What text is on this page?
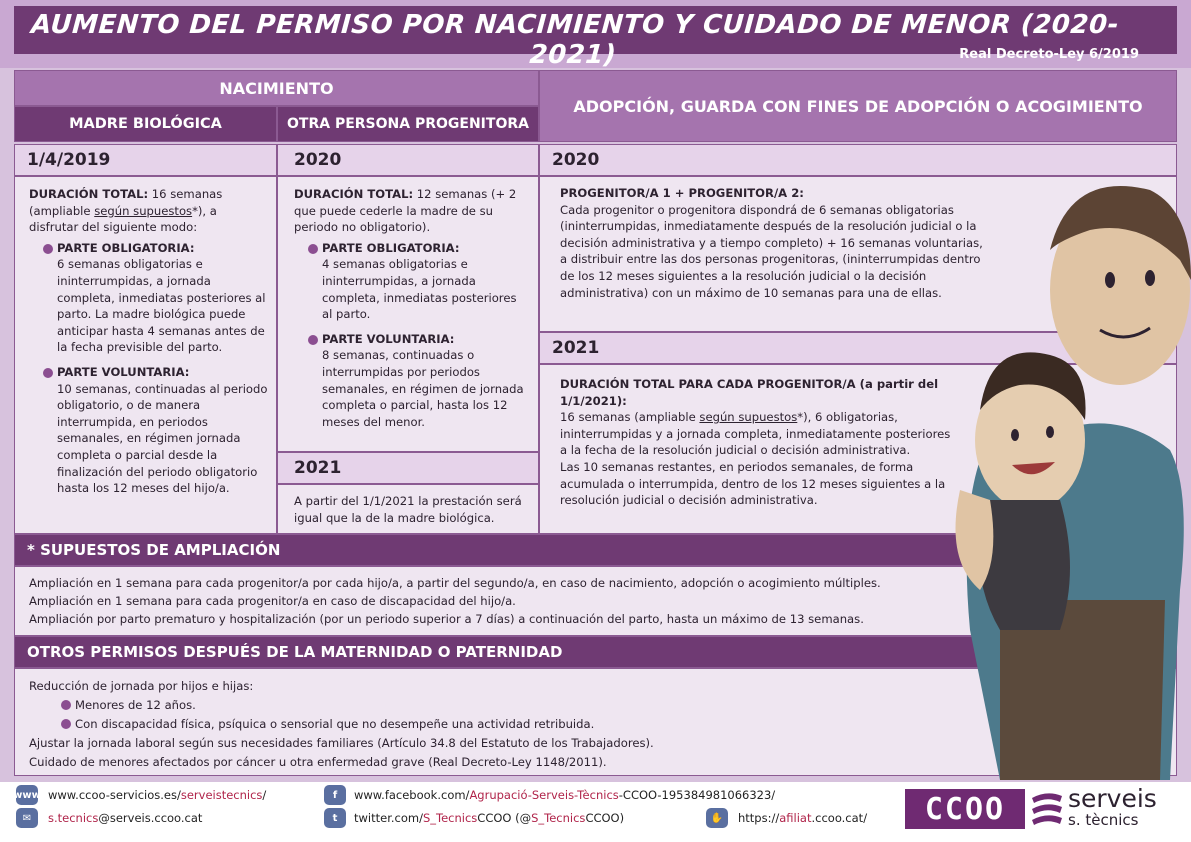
AUMENTO DEL PERMISO POR NACIMIENTO Y CUIDADO DE MENOR (2020-2021)	Real Decreto-Ley 6/2019
NACIMIENTO
MADRE BIOLÓGICA	OTRA PERSONA PROGENITORA
ADOPCIÓN, GUARDA CON FINES DE ADOPCIÓN O ACOGIMIENTO
1/4/2019
DURACIÓN TOTAL: 16 semanas (ampliable según supuestos*), a disfrutar del siguiente modo:
PARTE OBLIGATORIA:
6 semanas obligatorias e ininterrumpidas, a jornada completa, inmediatas posteriores al parto. La madre biológica puede anticipar hasta 4 semanas antes de la fecha previsible del parto.
PARTE VOLUNTARIA:
10 semanas, continuadas al periodo obligatorio, o de manera interrumpida, en periodos semanales, en régimen jornada completa o parcial desde la finalización del periodo obligatorio hasta los 12 meses del hijo/a.
2020
DURACIÓN TOTAL: 12 semanas (+ 2 que puede cederle la madre de su periodo no obligatorio).
PARTE OBLIGATORIA:
4 semanas obligatorias e ininterrumpidas, a jornada completa, inmediatas posteriores al parto.
PARTE VOLUNTARIA:
8 semanas, continuadas o interrumpidas por periodos semanales, en régimen de jornada completa o parcial, hasta los 12 meses del menor.
2021
A partir del 1/1/2021 la prestación será igual que la de la madre biológica.
2020
PROGENITOR/A 1 + PROGENITOR/A 2:
Cada progenitor o progenitora dispondrá de 6 semanas obligatorias (ininterrumpidas, inmediatamente después de la resolución judicial o la decisión administrativa y a tiempo completo) + 16 semanas voluntarias, a distribuir entre las dos personas progenitoras, (ininterrumpidas dentro de los 12 meses siguientes a la resolución judicial o la decisión administrativa) con un máximo de 10 semanas para una de ellas.
2021
DURACIÓN TOTAL PARA CADA PROGENITOR/A (a partir del 1/1/2021):
16 semanas (ampliable según supuestos*), 6 obligatorias, ininterrumpidas y a jornada completa, inmediatamente posteriores a la fecha de la resolución judicial o decisión administrativa.
Las 10 semanas restantes, en periodos semanales, de forma acumulada o interrumpida, dentro de los 12 meses siguientes a la resolución judicial o decisión administrativa.
* SUPUESTOS DE AMPLIACIÓN
Ampliación en 1 semana para cada progenitor/a por cada hijo/a, a partir del segundo/a, en caso de nacimiento, adopción o acogimiento múltiples.
Ampliación en 1 semana para cada progenitor/a en caso de discapacidad del hijo/a.
Ampliación por parto prematuro y hospitalización (por un periodo superior a 7 días) a continuación del parto, hasta un máximo de 13 semanas.
OTROS PERMISOS DESPUÉS DE LA MATERNIDAD O PATERNIDAD
Reducción de jornada por hijos e hijas:
Menores de 12 años.
Con discapacidad física, psíquica o sensorial que no desempeñe una actividad retribuida.
Ajustar la jornada laboral según sus necesidades familiares (Artículo 34.8 del Estatuto de los Trabajadores).
Cuidado de menores afectados por cáncer u otra enfermedad grave (Real Decreto-Ley 1148/2011).
www www.ccoo-servicios.es/serveistecnics/
✉	s.tecnics@serveis.ccoo.cat
f	www.facebook.com/Agrupació-Serveis-Tècnics-CCOO-195384981066323/
t	twitter.com/S_TecnicsCCOO (@S_TecnicsCCOO)	✋	https://afiliat.ccoo.cat/	CCOO	serveis
s. tècnics
